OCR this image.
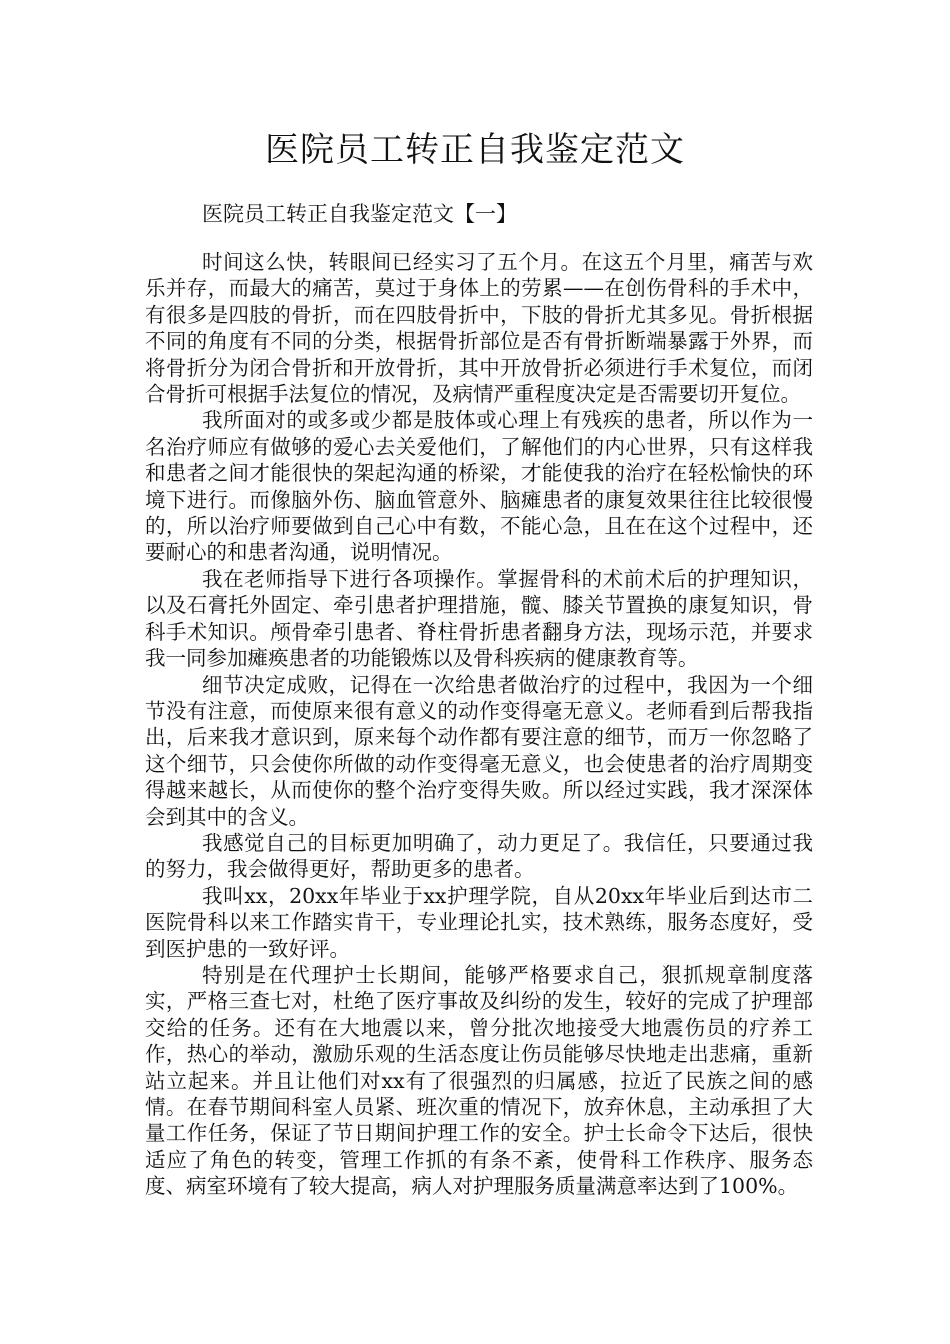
医院员工转正自我鉴定范文

医院员工转正自我鉴定范文【一】

时间这么快，转眼间已经实习了五个月。在这五个月里，痛苦与欢乐并存，而最大的痛苦，莫过于身体上的劳累——在创伤骨科的手术中，有很多是四肢的骨折，而在四肢骨折中，下肢的骨折尤其多见。骨折根据不同的角度有不同的分类，根据骨折部位是否有骨折断端暴露于外界，而将骨折分为闭合骨折和开放骨折，其中开放骨折必须进行手术复位，而闭合骨折可根据手法复位的情况，及病情严重程度决定是否需要切开复位。

我所面对的或多或少都是肢体或心理上有残疾的患者，所以作为一名治疗师应有做够的爱心去关爱他们，了解他们的内心世界，只有这样我和患者之间才能很快的架起沟通的桥梁，才能使我的治疗在轻松愉快的环境下进行。而像脑外伤、脑血管意外、脑瘫患者的康复效果往往比较很慢的，所以治疗师要做到自己心中有数，不能心急，且在在这个过程中，还要耐心的和患者沟通，说明情况。

我在老师指导下进行各项操作。掌握骨科的术前术后的护理知识，以及石膏托外固定、牵引患者护理措施，髋、膝关节置换的康复知识，骨科手术知识。颅骨牵引患者、脊柱骨折患者翻身方法，现场示范，并要求我一同参加瘫痪患者的功能锻炼以及骨科疾病的健康教育等。

细节决定成败，记得在一次给患者做治疗的过程中，我因为一个细节没有注意，而使原来很有意义的动作变得毫无意义。老师看到后帮我指出，后来我才意识到，原来每个动作都有要注意的细节，而万一你忽略了这个细节，只会使你所做的动作变得毫无意义，也会使患者的治疗周期变得越来越长，从而使你的整个治疗变得失败。所以经过实践，我才深深体会到其中的含义。

我感觉自己的目标更加明确了，动力更足了。我信任，只要通过我的努力，我会做得更好，帮助更多的患者。

我叫xx，20xx年毕业于xx护理学院，自从20xx年毕业后到达市二医院骨科以来工作踏实肯干，专业理论扎实，技术熟练，服务态度好，受到医护患的一致好评。

特别是在代理护士长期间，能够严格要求自己，狠抓规章制度落实，严格三查七对，杜绝了医疗事故及纠纷的发生，较好的完成了护理部交给的任务。还有在大地震以来，曾分批次地接受大地震伤员的疗养工作，热心的举动，激励乐观的生活态度让伤员能够尽快地走出悲痛，重新站立起来。并且让他们对xx有了很强烈的归属感，拉近了民族之间的感情。在春节期间科室人员紧、班次重的情况下，放弃休息，主动承担了大量工作任务，保证了节日期间护理工作的安全。护士长命令下达后，很快适应了角色的转变，管理工作抓的有条不紊，使骨科工作秩序、服务态度、病室环境有了较大提高，病人对护理服务质量满意率达到了100%。
